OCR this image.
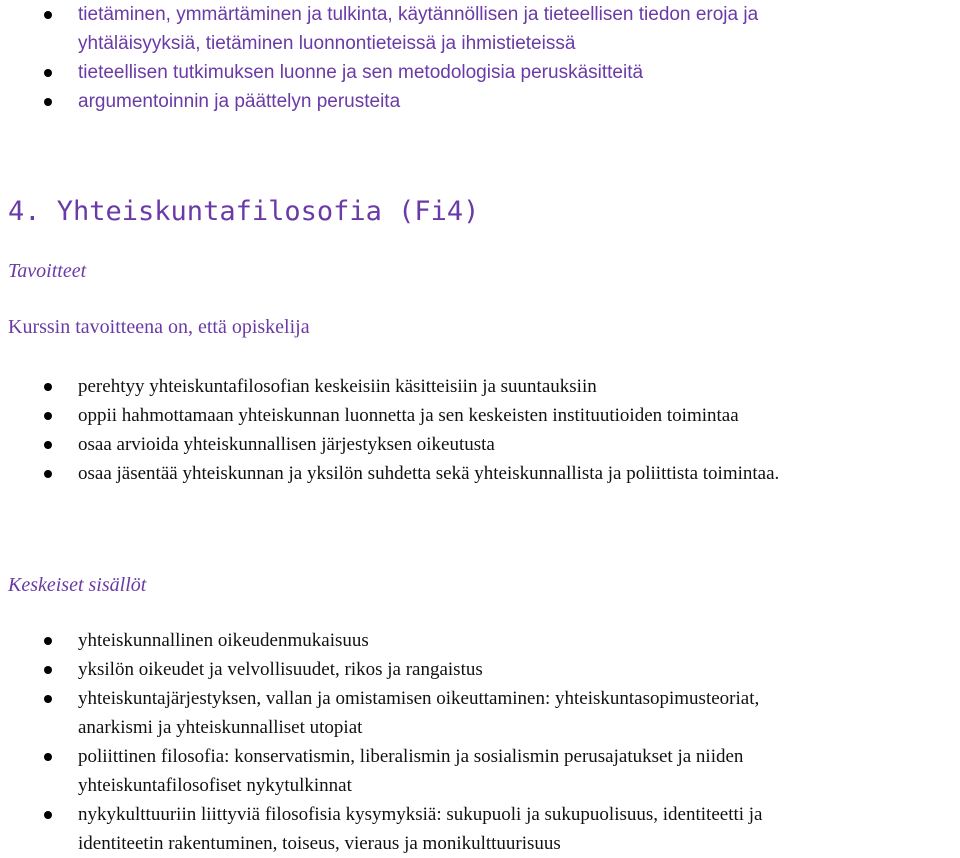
tietäminen, ymmärtäminen ja tulkinta, käytännöllisen ja tieteellisen tiedon eroja ja
yhtäläisyyksiä, tietäminen luonnontieteissä ja ihmistieteissä
tieteellisen tutkimuksen luonne ja sen metodologisia peruskäsitteitä
argumentoinnin ja päättelyn perusteita
4. Yhteiskuntafilosofia (Fi4)
Tavoitteet
Kurssin tavoitteena on, että opiskelija
perehtyy yhteiskuntafilosofian keskeisiin käsitteisiin ja suuntauksiin
oppii hahmottamaan yhteiskunnan luonnetta ja sen keskeisten instituutioiden toimintaa
osaa arvioida yhteiskunnallisen järjestyksen oikeutusta
osaa jäsentää yhteiskunnan ja yksilön suhdetta sekä yhteiskunnallista ja poliittista toimintaa.
Keskeiset sisällöt
yhteiskunnallinen oikeudenmukaisuus
yksilön oikeudet ja velvollisuudet, rikos ja rangaistus
yhteiskuntajärjestyksen, vallan ja omistamisen oikeuttaminen: yhteiskuntasopimusteoriat,
anarkismi ja yhteiskunnalliset utopiat
poliittinen filosofia: konservatismin, liberalismin ja sosialismin perusajatukset ja niiden
yhteiskuntafilosofiset nykytulkinnat
nykykulttuuriin liittyviä filosofisia kysymyksiä: sukupuoli ja sukupuolisuus, identiteetti ja
identiteetin rakentuminen, toiseus, vieraus ja monikulttuurisuus
